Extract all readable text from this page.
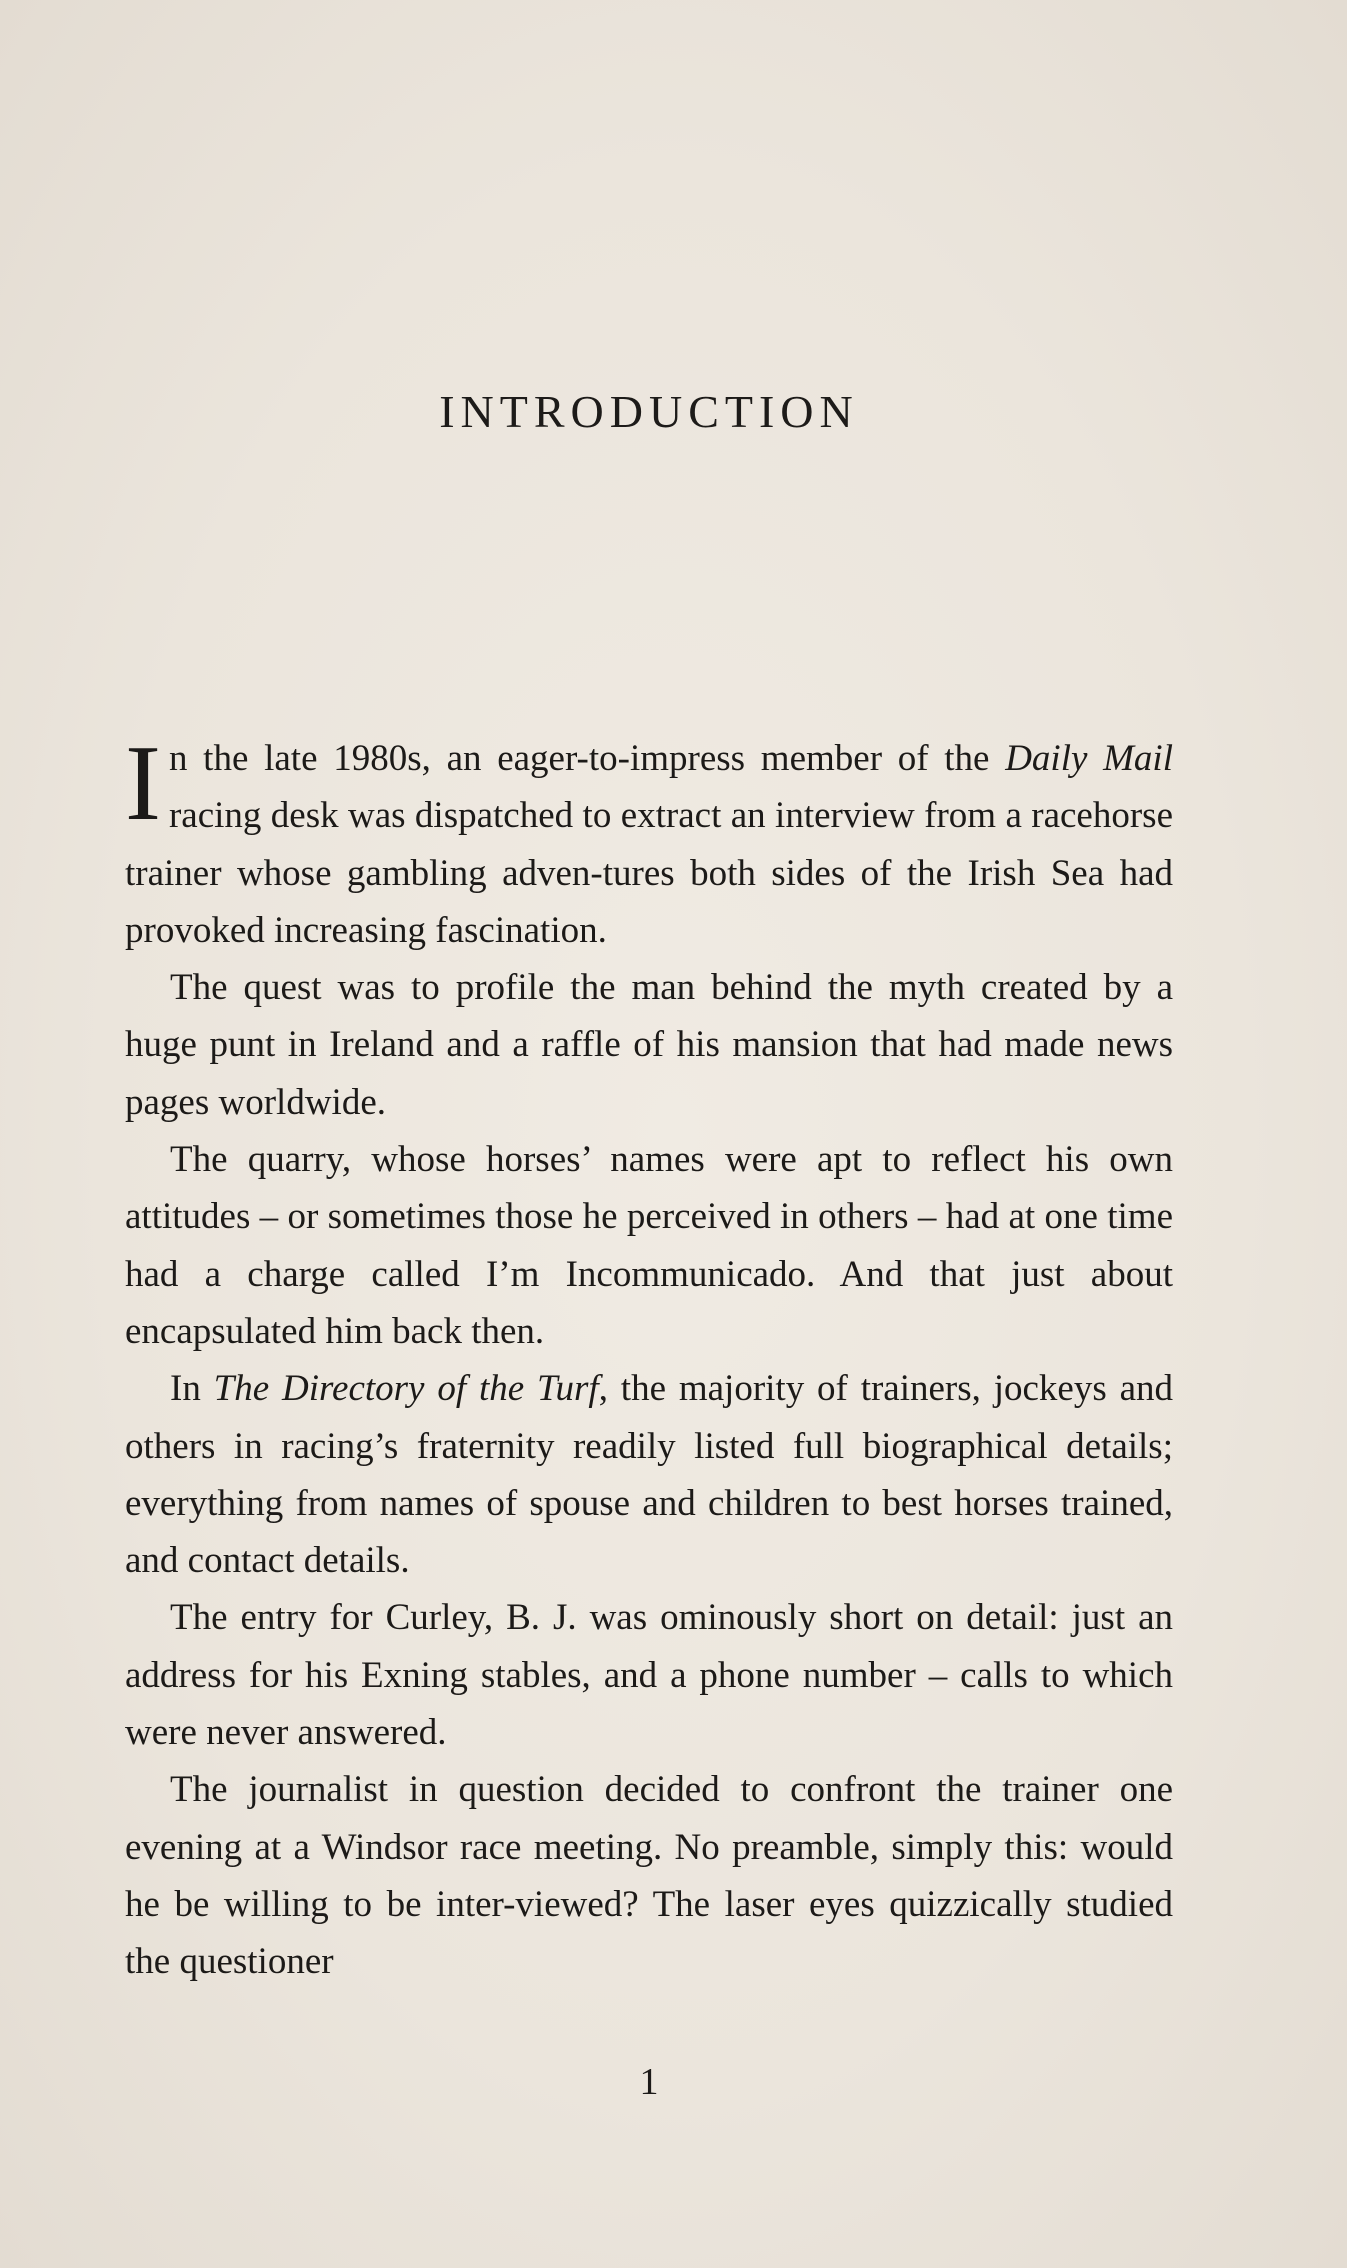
INTRODUCTION

In the late 1980s, an eager-to-impress member of the Daily Mail racing desk was dispatched to extract an interview from a racehorse trainer whose gambling adven-tures both sides of the Irish Sea had provoked increasing fascination.

The quest was to profile the man behind the myth created by a huge punt in Ireland and a raffle of his mansion that had made news pages worldwide.

The quarry, whose horses’ names were apt to reflect his own attitudes – or sometimes those he perceived in others – had at one time had a charge called I’m Incommunicado. And that just about encapsulated him back then.

In The Directory of the Turf, the majority of trainers, jockeys and others in racing’s fraternity readily listed full biographical details; everything from names of spouse and children to best horses trained, and contact details.

The entry for Curley, B. J. was ominously short on detail: just an address for his Exning stables, and a phone number – calls to which were never answered.

The journalist in question decided to confront the trainer one evening at a Windsor race meeting. No preamble, simply this: would he be willing to be inter-viewed? The laser eyes quizzically studied the questioner

1
